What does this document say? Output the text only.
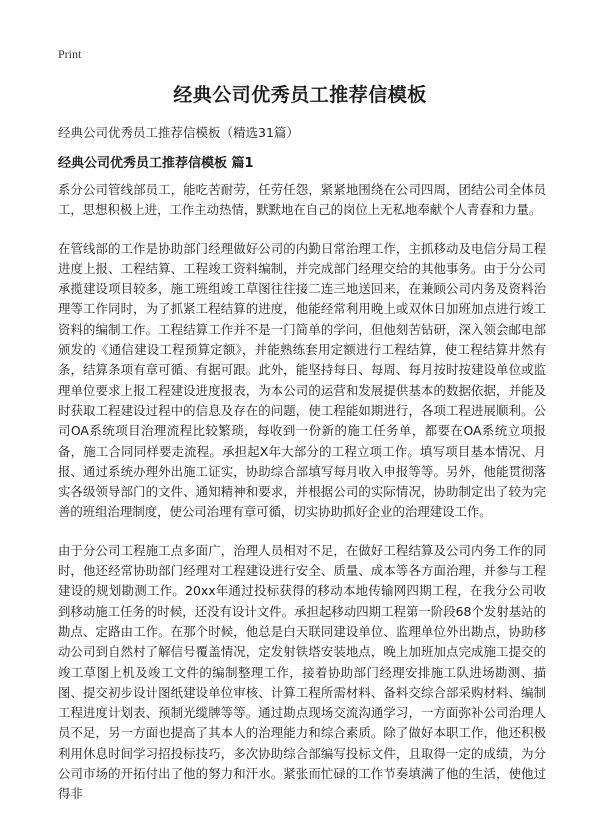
Print
经典公司优秀员工推荐信模板
经典公司优秀员工推荐信模板（精选31篇）
经典公司优秀员工推荐信模板 篇1

系分公司管线部员工，能吃苦耐劳，任劳任怨，紧紧地围绕在公司四周，团结公司全体员工，思想积极上进，工作主动热情，默默地在自己的岗位上无私地奉献个人青春和力量。

在管线部的工作是协助部门经理做好公司的内勤日常治理工作，主抓移动及电信分局工程进度上报、工程结算、工程竣工资料编制，并完成部门经理交给的其他事务。由于分公司承揽建设项目较多，施工班组竣工草图往往接二连三地送回来，在兼顾公司内务及资料治理等工作同时，为了抓紧工程结算的进度，他能经常利用晚上或双休日加班加点进行竣工资料的编制工作。工程结算工作并不是一门简单的学问，但他刻苦钻研，深入领会邮电部颁发的《通信建设工程预算定额》，并能熟练套用定额进行工程结算，使工程结算井然有条，结算条项有章可循、有据可跟。此外，能坚持每日、每周、每月按时按建设单位或监理单位要求上报工程建设进度报表，为本公司的运营和发展提供基本的数据依据，并能及时获取工程建设过程中的信息及存在的问题，使工程能如期进行，各项工程进展顺利。公司OA系统项目治理流程比较繁琐，每收到一份新的施工任务单，都要在OA系统立项报备，施工合同同样要走流程。承担起X年大部分的工程立项工作。填写项目基本情况、月报、通过系统办理外出施工证实，协助综合部填写每月收入申报等等。另外，他能贯彻落实各级领导部门的文件、通知精神和要求，并根据公司的实际情况，协助制定出了较为完善的班组治理制度，使公司治理有章可循，切实协助抓好企业的治理建设工作。

由于分公司工程施工点多面广，治理人员相对不足，在做好工程结算及公司内务工作的同时，他还经常协助部门经理对工程建设进行安全、质量、成本等各方面治理，并参与工程建设的规划勘测工作。20xx年通过投标获得的移动本地传输网四期工程，在我分公司收到移动施工任务的时候，还没有设计文件。承担起移动四期工程第一阶段68个发射基站的勘点、定路由工作。在那个时候，他总是白天联同建设单位、监理单位外出勘点，协助移动公司到自然村了解信号覆盖情况，定发射铁塔安装地点，晚上加班加点完成施工提交的竣工草图上机及竣工文件的编制整理工作，接着协助部门经理安排施工队进场勘测、描图、提交初步设计图纸建设单位审核、计算工程所需材料、备料交综合部采购材料、编制工程进度计划表、预制光缆牌等等。通过勘点现场交流沟通学习，一方面弥补公司治理人员不足，另一方面也提高了其本人的治理能力和综合素质。除了做好本职工作，他还积极利用休息时间学习招投标技巧，多次协助综合部编写投标文件，且取得一定的成绩，为分公司市场的开拓付出了他的努力和汗水。紧张而忙碌的工作节奏填满了他的生活，使他过得非
